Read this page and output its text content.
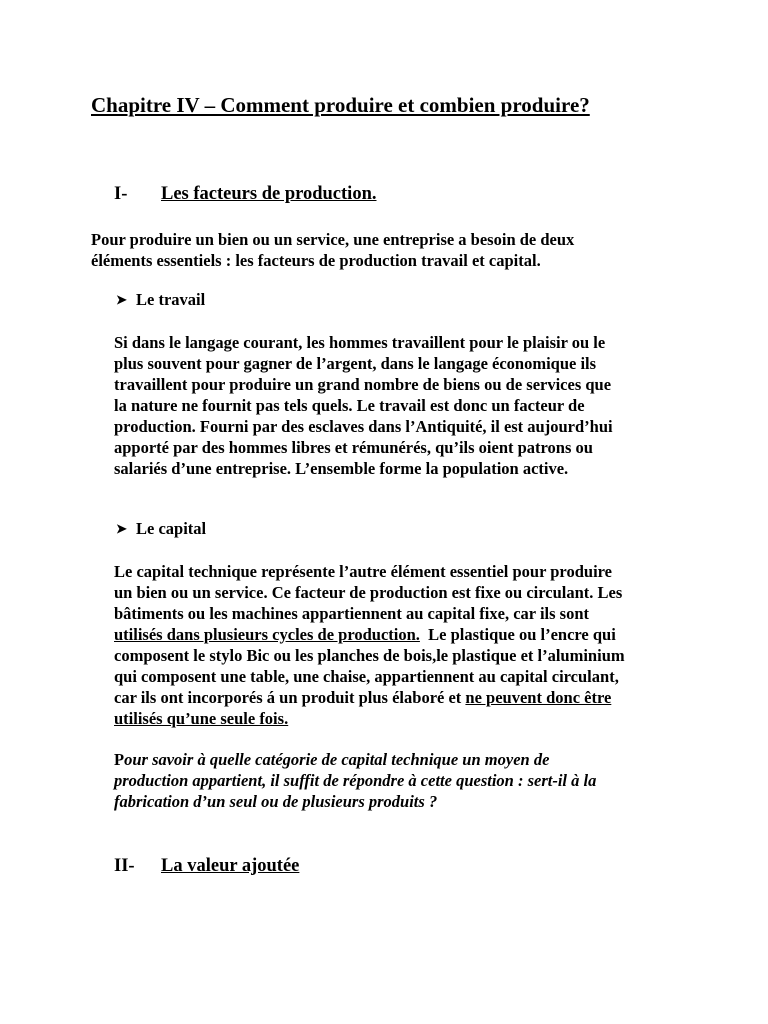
Chapitre IV – Comment produire et combien produire?
I- Les facteurs de production.
Pour produire un bien ou un service, une entreprise a besoin de deux
éléments essentiels : les facteurs de production travail et capital.
➤ Le travail
Si dans le langage courant, les hommes travaillent pour le plaisir ou le
plus souvent pour gagner de l’argent, dans le langage économique ils
travaillent pour produire un grand nombre de biens ou de services que
la nature ne fournit pas tels quels. Le travail est donc un facteur de
production. Fourni par des esclaves dans l’Antiquité, il est aujourd’hui
apporté par des hommes libres et rémunérés, qu’ils oient patrons ou
salariés d’une entreprise. L’ensemble forme la population active.
➤ Le capital
Le capital technique représente l’autre élément essentiel pour produire
un bien ou un service. Ce facteur de production est fixe ou circulant. Les
bâtiments ou les machines appartiennent au capital fixe, car ils sont
utilisés dans plusieurs cycles de production.  Le plastique ou l’encre qui
composent le stylo Bic ou les planches de bois,le plastique et l’aluminium
qui composent une table, une chaise, appartiennent au capital circulant,
car ils ont incorporés á un produit plus élaboré et ne peuvent donc être
utilisés qu’une seule fois.
Pour savoir à quelle catégorie de capital technique un moyen de
production appartient, il suffit de répondre à cette question : sert-il à la
fabrication d’un seul ou de plusieurs produits ?
II- La valeur ajoutée
